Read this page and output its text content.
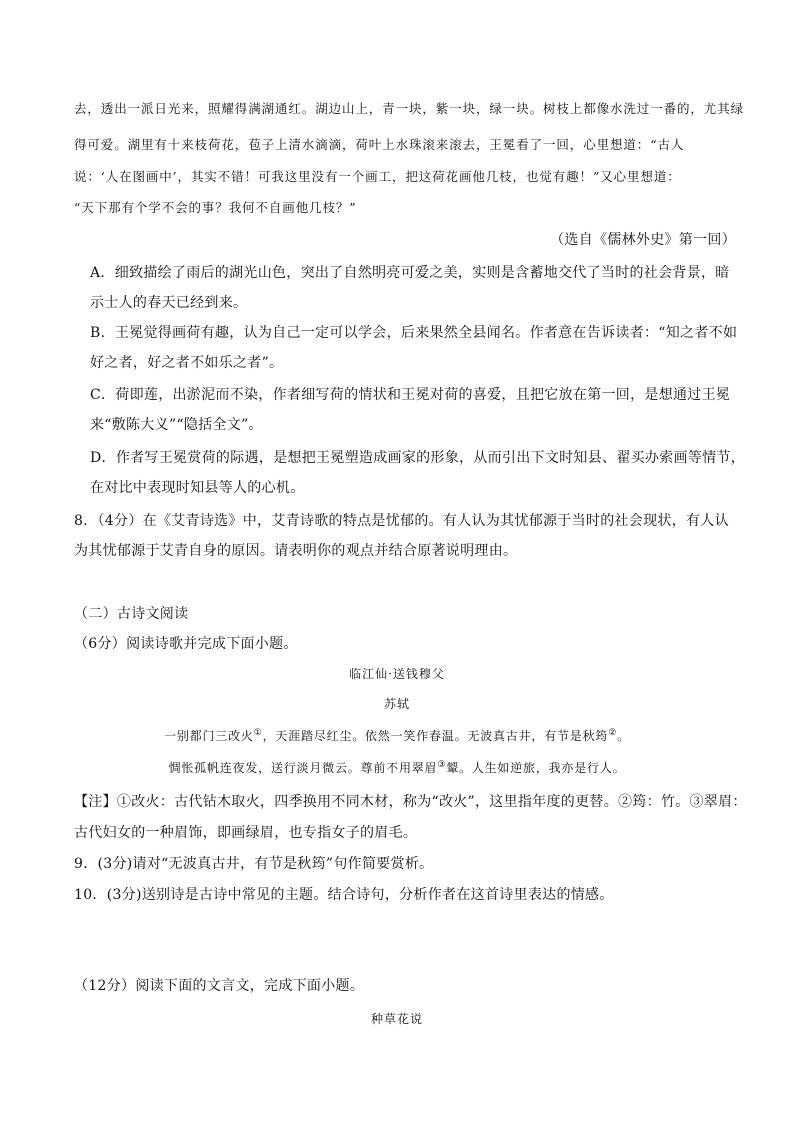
去，透出一派日光来，照耀得满湖通红。湖边山上，青一块，紫一块，绿一块。树枝上都像水洗过一番的，尤其绿
得可爱。湖里有十来枝荷花，苞子上清水滴滴，荷叶上水珠滚来滚去，王冕看了一回，心里想道：“古人
说：‘人在图画中’，其实不错！可我这里没有一个画工，把这荷花画他几枝，也觉有趣！”又心里想道：
“天下那有个学不会的事？我何不自画他几枝？”
（选自《儒林外史》第一回）
A．细致描绘了雨后的湖光山色，突出了自然明亮可爱之美，实则是含蓄地交代了当时的社会背景，暗
示士人的春天已经到来。
B．王冕觉得画荷有趣，认为自己一定可以学会，后来果然全县闻名。作者意在告诉读者：“知之者不如
好之者，好之者不如乐之者”。
C．荷即莲，出淤泥而不染，作者细写荷的情状和王冕对荷的喜爱，且把它放在第一回，是想通过王冕
来“敷陈大义”“隐括全文”。
D．作者写王冕赏荷的际遇，是想把王冕塑造成画家的形象，从而引出下文时知县、翟买办索画等情节，
在对比中表现时知县等人的心机。
8．（4分）在《艾青诗选》中，艾青诗歌的特点是忧郁的。有人认为其忧郁源于当时的社会现状，有人认
为其忧郁源于艾青自身的原因。请表明你的观点并结合原著说明理由。
（二）古诗文阅读
（6分）阅读诗歌并完成下面小题。
临江仙·送钱穆父
苏轼
一别都门三改火①，天涯踏尽红尘。依然一笑作春温。无波真古井，有节是秋筠②。
惆怅孤帆连夜发，送行淡月微云。尊前不用翠眉③颦。人生如逆旅，我亦是行人。
【注】①改火：古代钻木取火，四季换用不同木材，称为“改火”，这里指年度的更替。②筠：竹。③翠眉：
古代妇女的一种眉饰，即画绿眉，也专指女子的眉毛。
9．(3分)请对“无波真古井，有节是秋筠”句作简要赏析。
10．(3分)送别诗是古诗中常见的主题。结合诗句，分析作者在这首诗里表达的情感。
（12分）阅读下面的文言文，完成下面小题。
种草花说
